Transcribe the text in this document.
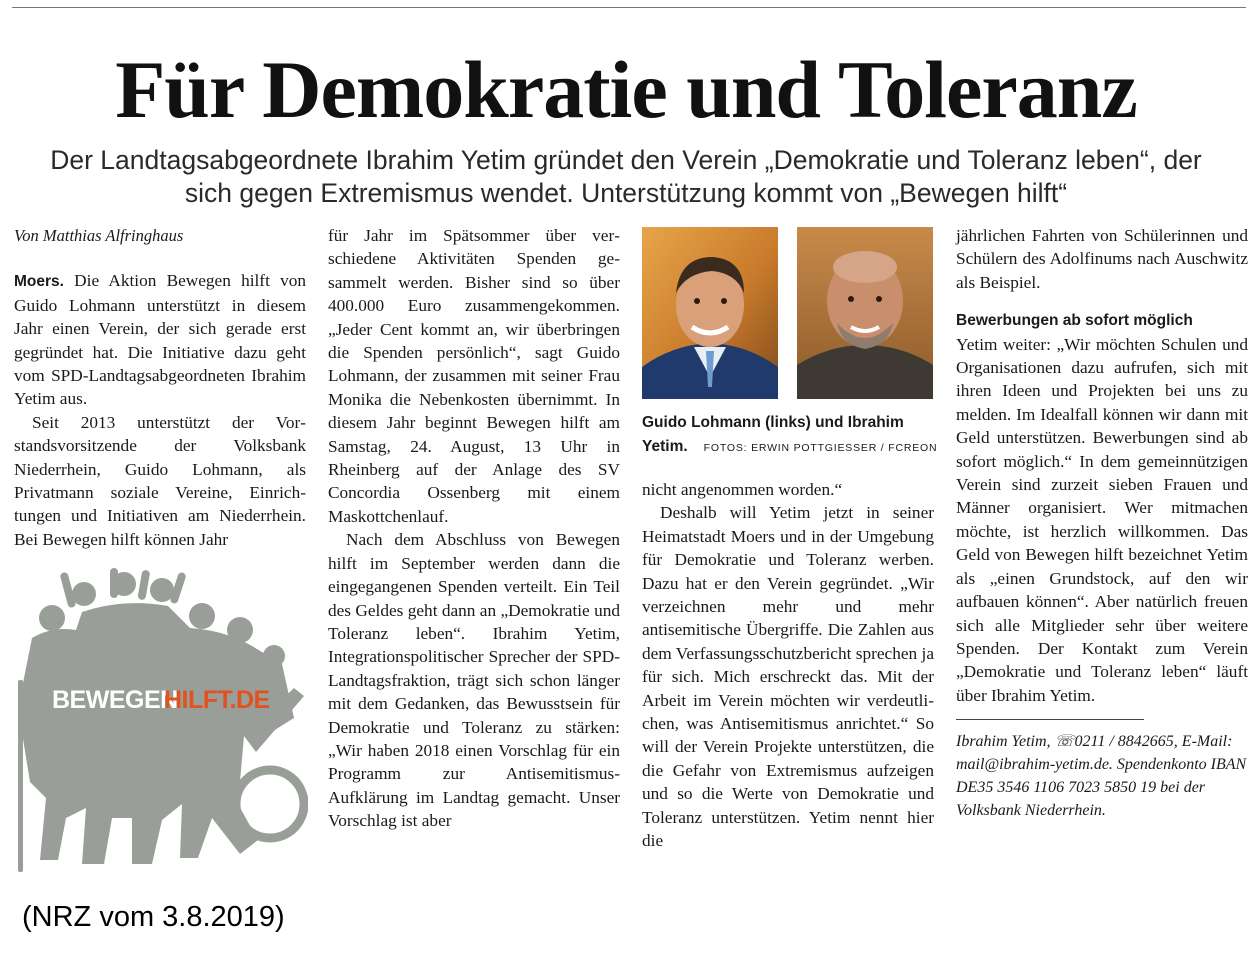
Für Demokratie und Toleranz
Der Landtagsabgeordnete Ibrahim Yetim gründet den Verein „Demokratie und Toleranz leben“, der sich gegen Extremismus wendet. Unterstützung kommt von „Bewegen hilft“

Von Matthias Alfringhaus

Moers. Die Aktion Bewegen hilft von Guido Lohmann unterstützt in diesem Jahr einen Verein, der sich gerade erst gegründet hat. Die Initiative dazu geht vom SPD-Landtagsabgeordneten Ibrahim Yetim aus.

Seit 2013 unterstützt der Vorstandsvorsitzende der Volksbank Niederrhein, Guido Lohmann, als Privatmann soziale Vereine, Einrichtungen und Initiativen am Niederrhein. Bei Bewegen hilft können Jahr

BEWEGEN
HILFT.DE

für Jahr im Spätsommer über verschiedene Aktivitäten Spenden gesammelt werden. Bisher sind so über 400.000 Euro zusammengekommen. „Jeder Cent kommt an, wir überbringen die Spenden persönlich“, sagt Guido Lohmann, der zusammen mit seiner Frau Monika die Nebenkosten übernimmt. In diesem Jahr beginnt Bewegen hilft am Samstag, 24. August, 13 Uhr in Rheinberg auf der Anlage des SV Concordia Ossenberg mit einem Maskottchenlauf.

Nach dem Abschluss von Bewegen hilft im September werden dann die eingegangenen Spenden verteilt. Ein Teil des Geldes geht dann an „Demokratie und Toleranz leben“. Ibrahim Yetim, Integrationspolitischer Sprecher der SPD-Landtagsfraktion, trägt sich schon länger mit dem Gedanken, das Bewusstsein für Demokratie und Toleranz zu stärken: „Wir haben 2018 einen Vorschlag für ein Programm zur Antisemitismus-Aufklärung im Landtag gemacht. Unser Vorschlag ist aber

Guido Lohmann (links) und Ibrahim Yetim. FOTOS: ERWIN POTTGIESSER / FCREON

nicht angenommen worden.“

Deshalb will Yetim jetzt in seiner Heimatstadt Moers und in der Umgebung für Demokratie und Toleranz werben. Dazu hat er den Verein gegründet. „Wir verzeichnen mehr und mehr antisemitische Übergriffe. Die Zahlen aus dem Verfassungsschutzbericht sprechen ja für sich. Mich erschreckt das. Mit der Arbeit im Verein möchten wir verdeutlichen, was Antisemitismus anrichtet.“ So will der Verein Projekte unterstützen, die die Gefahr von Extremismus aufzeigen und so die Werte von Demokratie und Toleranz unterstützen. Yetim nennt hier die

jährlichen Fahrten von Schülerinnen und Schülern des Adolfinums nach Auschwitz als Beispiel.

Bewerbungen ab sofort möglich

Yetim weiter: „Wir möchten Schulen und Organisationen dazu aufrufen, sich mit ihren Ideen und Projekten bei uns zu melden. Im Idealfall können wir dann mit Geld unterstützen. Bewerbungen sind ab sofort möglich.“ In dem gemeinnützigen Verein sind zurzeit sieben Frauen und Männer organisiert. Wer mitmachen möchte, ist herzlich willkommen. Das Geld von Bewegen hilft bezeichnet Yetim als „einen Grundstock, auf den wir aufbauen können“. Aber natürlich freuen sich alle Mitglieder sehr über weitere Spenden. Der Kontakt zum Verein „Demokratie und Toleranz leben“ läuft über Ibrahim Yetim.

Ibrahim Yetim, ☏0211 / 8842665, E-Mail: mail@ibrahim-yetim.de. Spendenkonto IBAN DE35 3546 1106 7023 5850 19 bei der Volksbank Niederrhein.

(NRZ vom 3.8.2019)
